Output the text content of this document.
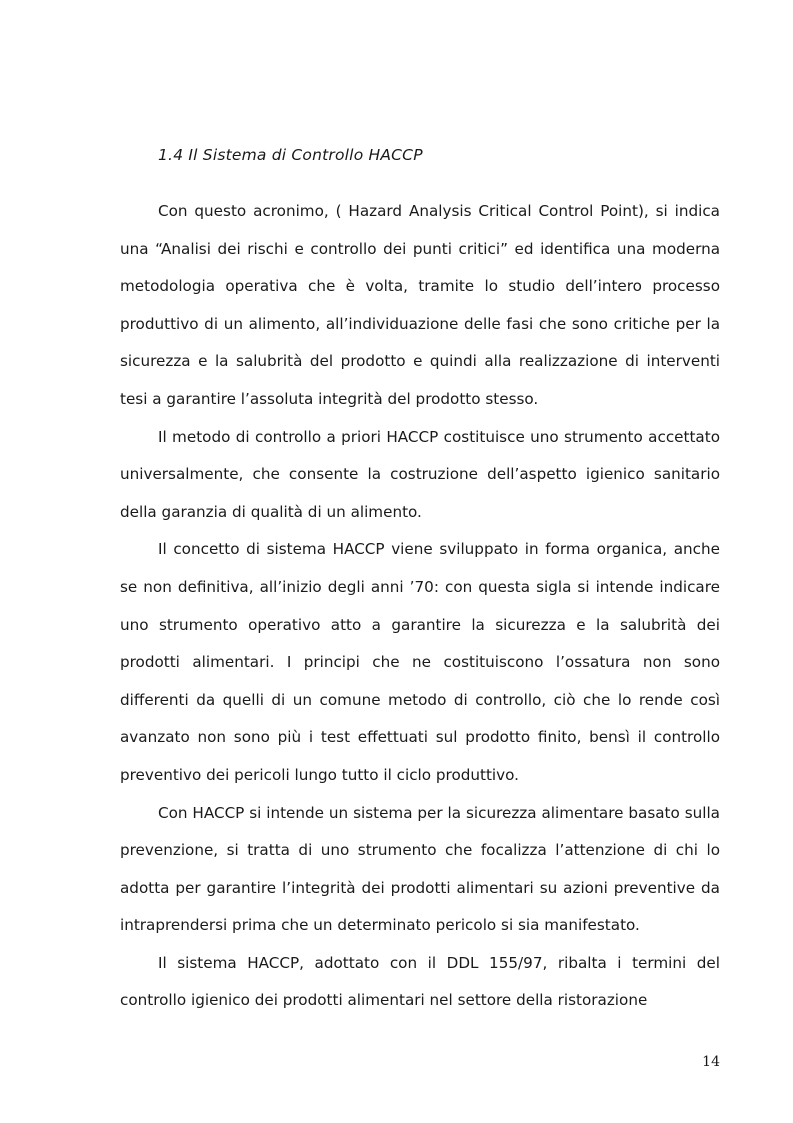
1.4 Il Sistema di Controllo HACCP

Con questo acronimo, ( Hazard Analysis Critical Control Point), si indica una “Analisi dei rischi e controllo dei punti critici” ed identifica una moderna metodologia operativa che è volta, tramite lo studio dell’intero processo produttivo di un alimento, all’individuazione delle fasi che sono critiche per la sicurezza e la salubrità del prodotto e quindi alla realizzazione di interventi tesi a garantire l’assoluta integrità del prodotto stesso.

Il metodo di controllo a priori HACCP costituisce uno strumento accettato universalmente, che consente la costruzione dell’aspetto igienico sanitario della garanzia di qualità di un alimento.

Il concetto di sistema HACCP viene sviluppato in forma organica, anche se non definitiva, all’inizio degli anni ’70: con questa sigla si intende indicare uno strumento operativo atto a garantire la sicurezza e la salubrità dei prodotti alimentari. I principi che ne costituiscono l’ossatura non sono differenti da quelli di un comune metodo di controllo, ciò che lo rende così avanzato non sono più i test effettuati sul prodotto finito, bensì il controllo preventivo dei pericoli lungo tutto il ciclo produttivo.

Con HACCP si intende un sistema per la sicurezza alimentare basato sulla prevenzione, si tratta di uno strumento che focalizza l’attenzione di chi lo adotta per garantire l’integrità dei prodotti alimentari su azioni preventive da intraprendersi prima che un determinato pericolo si sia manifestato.

Il sistema HACCP, adottato con il DDL 155/97, ribalta i termini del controllo igienico dei prodotti alimentari nel settore della ristorazione

14
